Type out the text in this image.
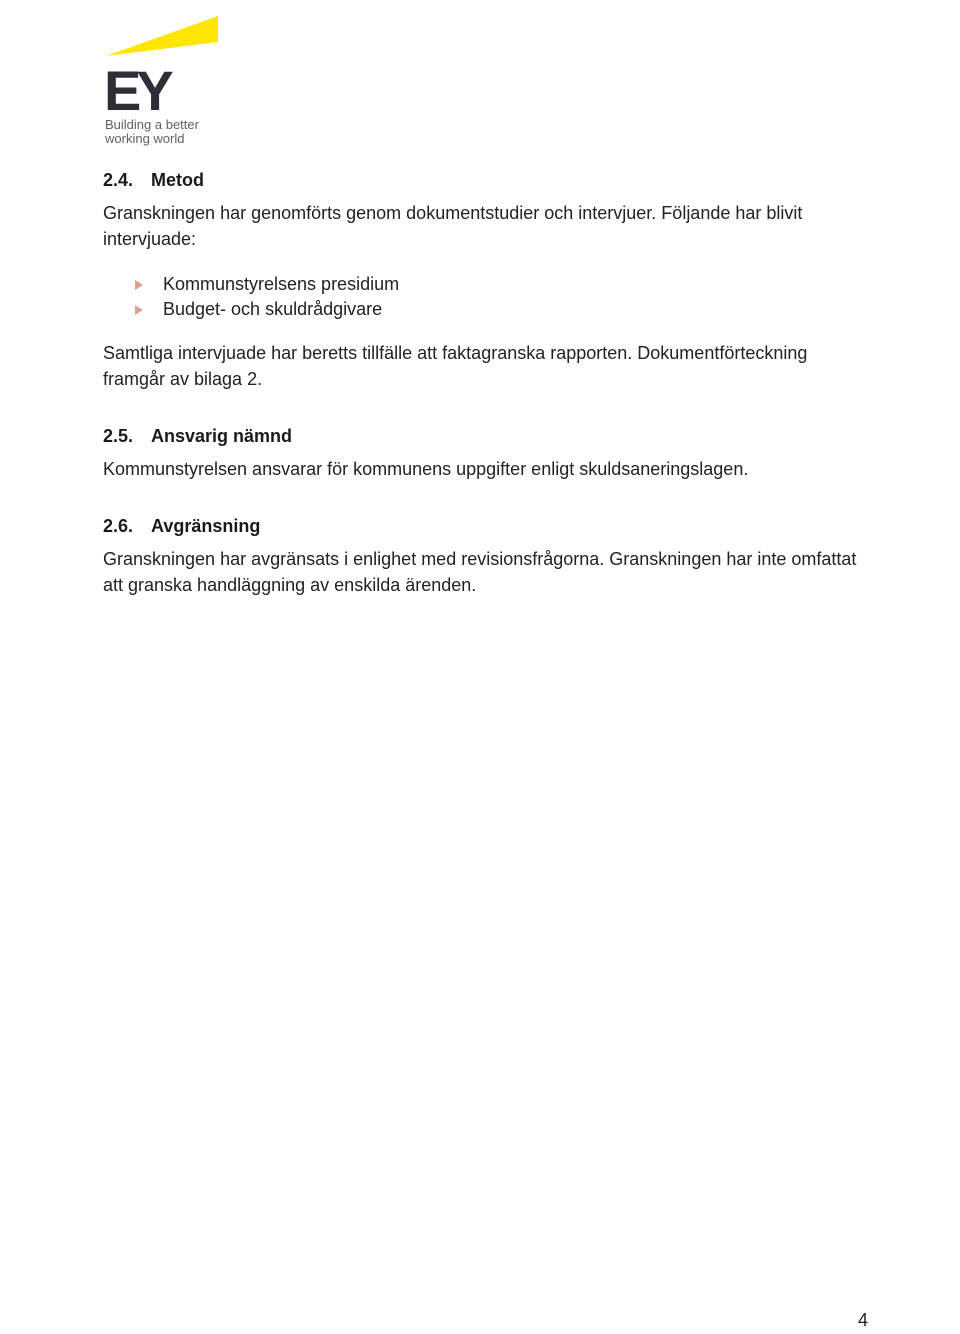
EY
Building a better
working world
2.4. Metod

Granskningen har genomförts genom dokumentstudier och intervjuer. Följande har blivit intervjuade:

Kommunstyrelsens presidium
Budget- och skuldrådgivare

Samtliga intervjuade har beretts tillfälle att faktagranska rapporten. Dokumentförteckning framgår av bilaga 2.

2.5. Ansvarig nämnd

Kommunstyrelsen ansvarar för kommunens uppgifter enligt skuldsaneringslagen.

2.6. Avgränsning

Granskningen har avgränsats i enlighet med revisionsfrågorna. Granskningen har inte omfattat att granska handläggning av enskilda ärenden.

4
